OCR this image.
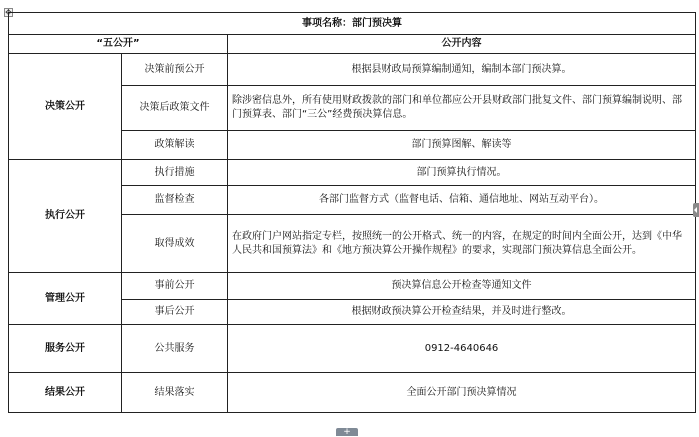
✥
事项名称：部门预决算		
“五公开”		公开内容
决策公开	决策前预公开	根据县财政局预算编制通知，编制本部门预决算。
	决策后政策文件	除涉密信息外，所有使用财政拨款的部门和单位都应公开县财政部门批复文件、部门预算编制说明、部门预算表、部门“三公”经费预决算信息。
	政策解读	部门预算图解、解读等
执行公开	执行措施	部门预算执行情况。
	监督检查	各部门监督方式（监督电话、信箱、通信地址、网站互动平台）。
	取得成效	在政府门户网站指定专栏，按照统一的公开格式、统一的内容，在规定的时间内全面公开，达到《中华人民共和国预算法》和《地方预决算公开操作规程》的要求，实现部门预决算信息全面公开。
管理公开	事前公开	预决算信息公开检查等通知文件
	事后公开	根据财政预决算公开检查结果，并及时进行整改。
服务公开	公共服务	0912-4640646
结果公开	结果落实	全面公开部门预决算情况
+
